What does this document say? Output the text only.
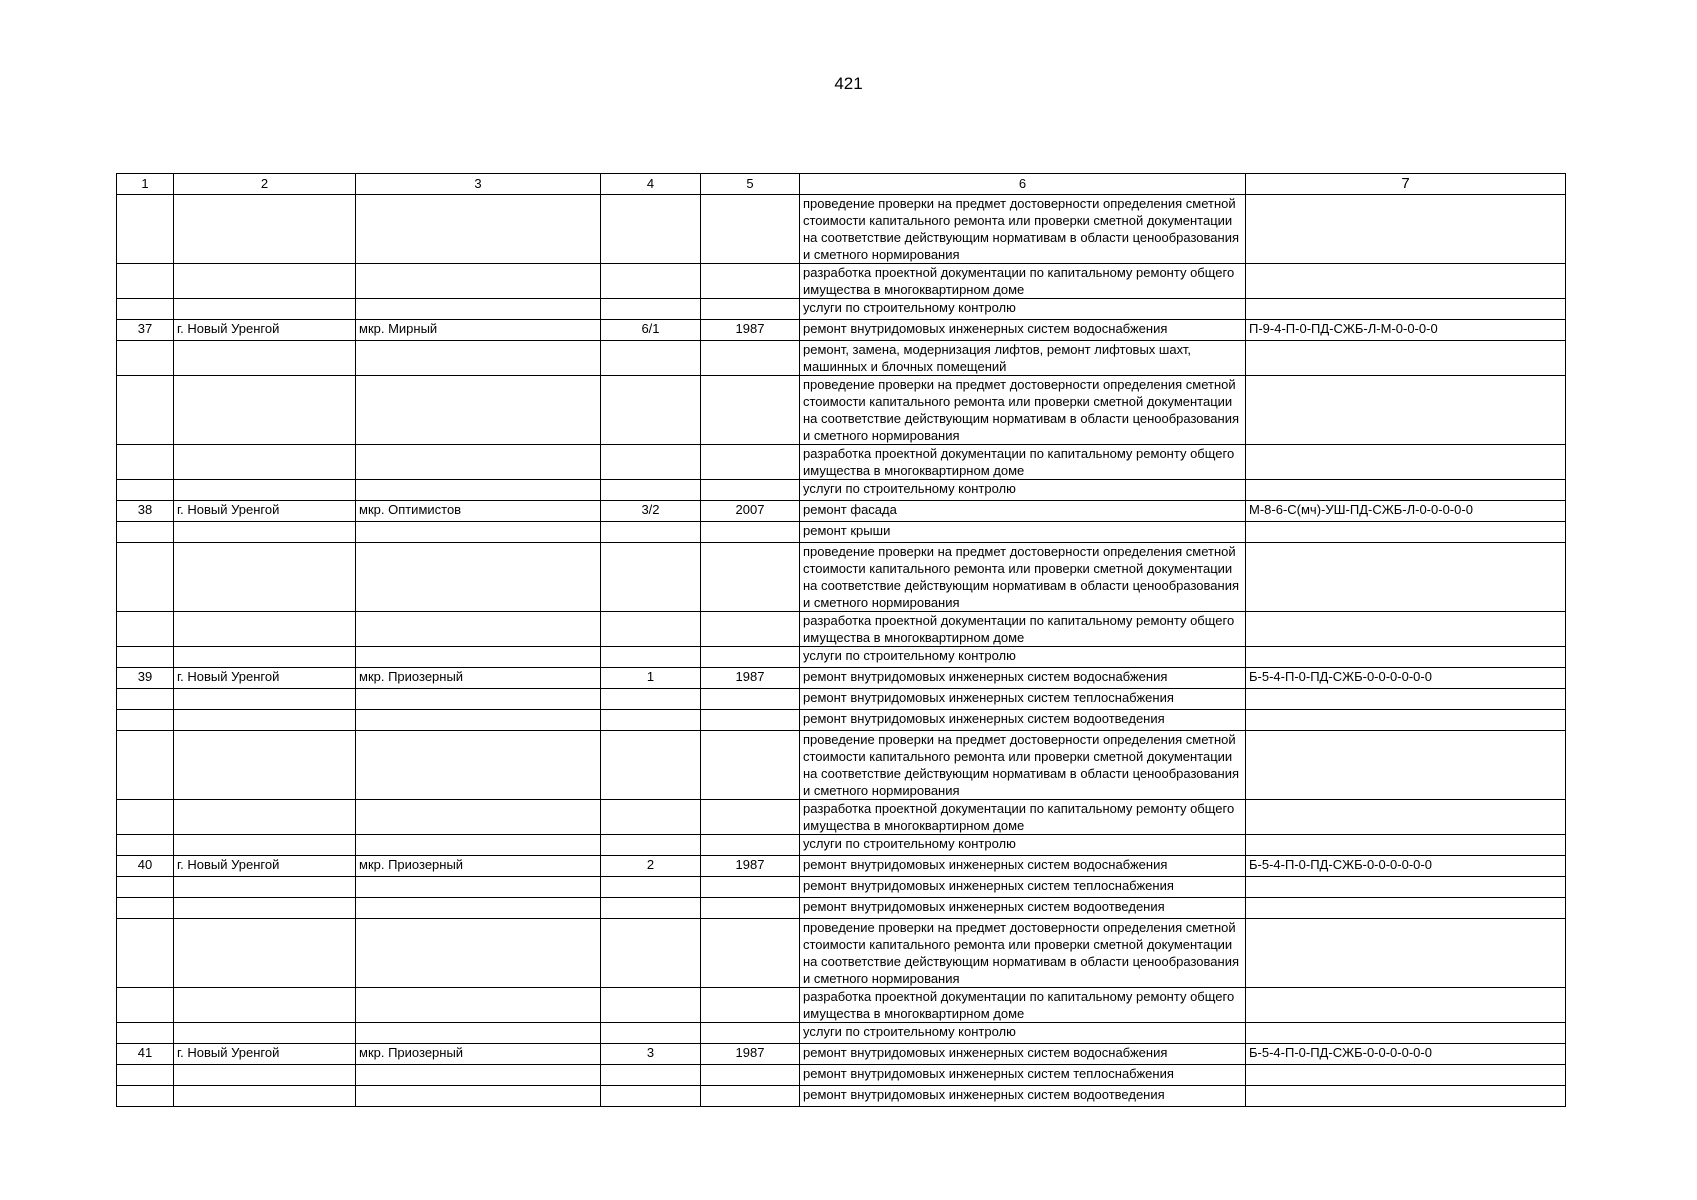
421
1	2	3	4	5	6	7
					проведение проверки на предмет достоверности определения сметной стоимости капитального ремонта или проверки сметной документации на соответствие действующим нормативам в области ценообразования и сметного нормирования	
					разработка проектной документации по капитальному ремонту общего имущества в многоквартирном доме	
					услуги по строительному контролю	
37	г. Новый Уренгой	мкр. Мирный	6/1	1987	ремонт внутридомовых инженерных систем водоснабжения	П-9-4-П-0-ПД-СЖБ-Л-М-0-0-0-0
					ремонт, замена, модернизация лифтов, ремонт лифтовых шахт, машинных и блочных помещений	
					проведение проверки на предмет достоверности определения сметной стоимости капитального ремонта или проверки сметной документации на соответствие действующим нормативам в области ценообразования и сметного нормирования	
					разработка проектной документации по капитальному ремонту общего имущества в многоквартирном доме	
					услуги по строительному контролю	
38	г. Новый Уренгой	мкр. Оптимистов	3/2	2007	ремонт фасада	М-8-6-С(мч)-УШ-ПД-СЖБ-Л-0-0-0-0-0
					ремонт крыши	
					проведение проверки на предмет достоверности определения сметной стоимости капитального ремонта или проверки сметной документации на соответствие действующим нормативам в области ценообразования и сметного нормирования	
					разработка проектной документации по капитальному ремонту общего имущества в многоквартирном доме	
					услуги по строительному контролю	
39	г. Новый Уренгой	мкр. Приозерный	1	1987	ремонт внутридомовых инженерных систем водоснабжения	Б-5-4-П-0-ПД-СЖБ-0-0-0-0-0-0
					ремонт внутридомовых инженерных систем теплоснабжения	
					ремонт внутридомовых инженерных систем водоотведения	
					проведение проверки на предмет достоверности определения сметной стоимости капитального ремонта или проверки сметной документации на соответствие действующим нормативам в области ценообразования и сметного нормирования	
					разработка проектной документации по капитальному ремонту общего имущества в многоквартирном доме	
					услуги по строительному контролю	
40	г. Новый Уренгой	мкр. Приозерный	2	1987	ремонт внутридомовых инженерных систем водоснабжения	Б-5-4-П-0-ПД-СЖБ-0-0-0-0-0-0
					ремонт внутридомовых инженерных систем теплоснабжения	
					ремонт внутридомовых инженерных систем водоотведения	
					проведение проверки на предмет достоверности определения сметной стоимости капитального ремонта или проверки сметной документации на соответствие действующим нормативам в области ценообразования и сметного нормирования	
					разработка проектной документации по капитальному ремонту общего имущества в многоквартирном доме	
					услуги по строительному контролю	
41	г. Новый Уренгой	мкр. Приозерный	3	1987	ремонт внутридомовых инженерных систем водоснабжения	Б-5-4-П-0-ПД-СЖБ-0-0-0-0-0-0
					ремонт внутридомовых инженерных систем теплоснабжения	
					ремонт внутридомовых инженерных систем водоотведения	
